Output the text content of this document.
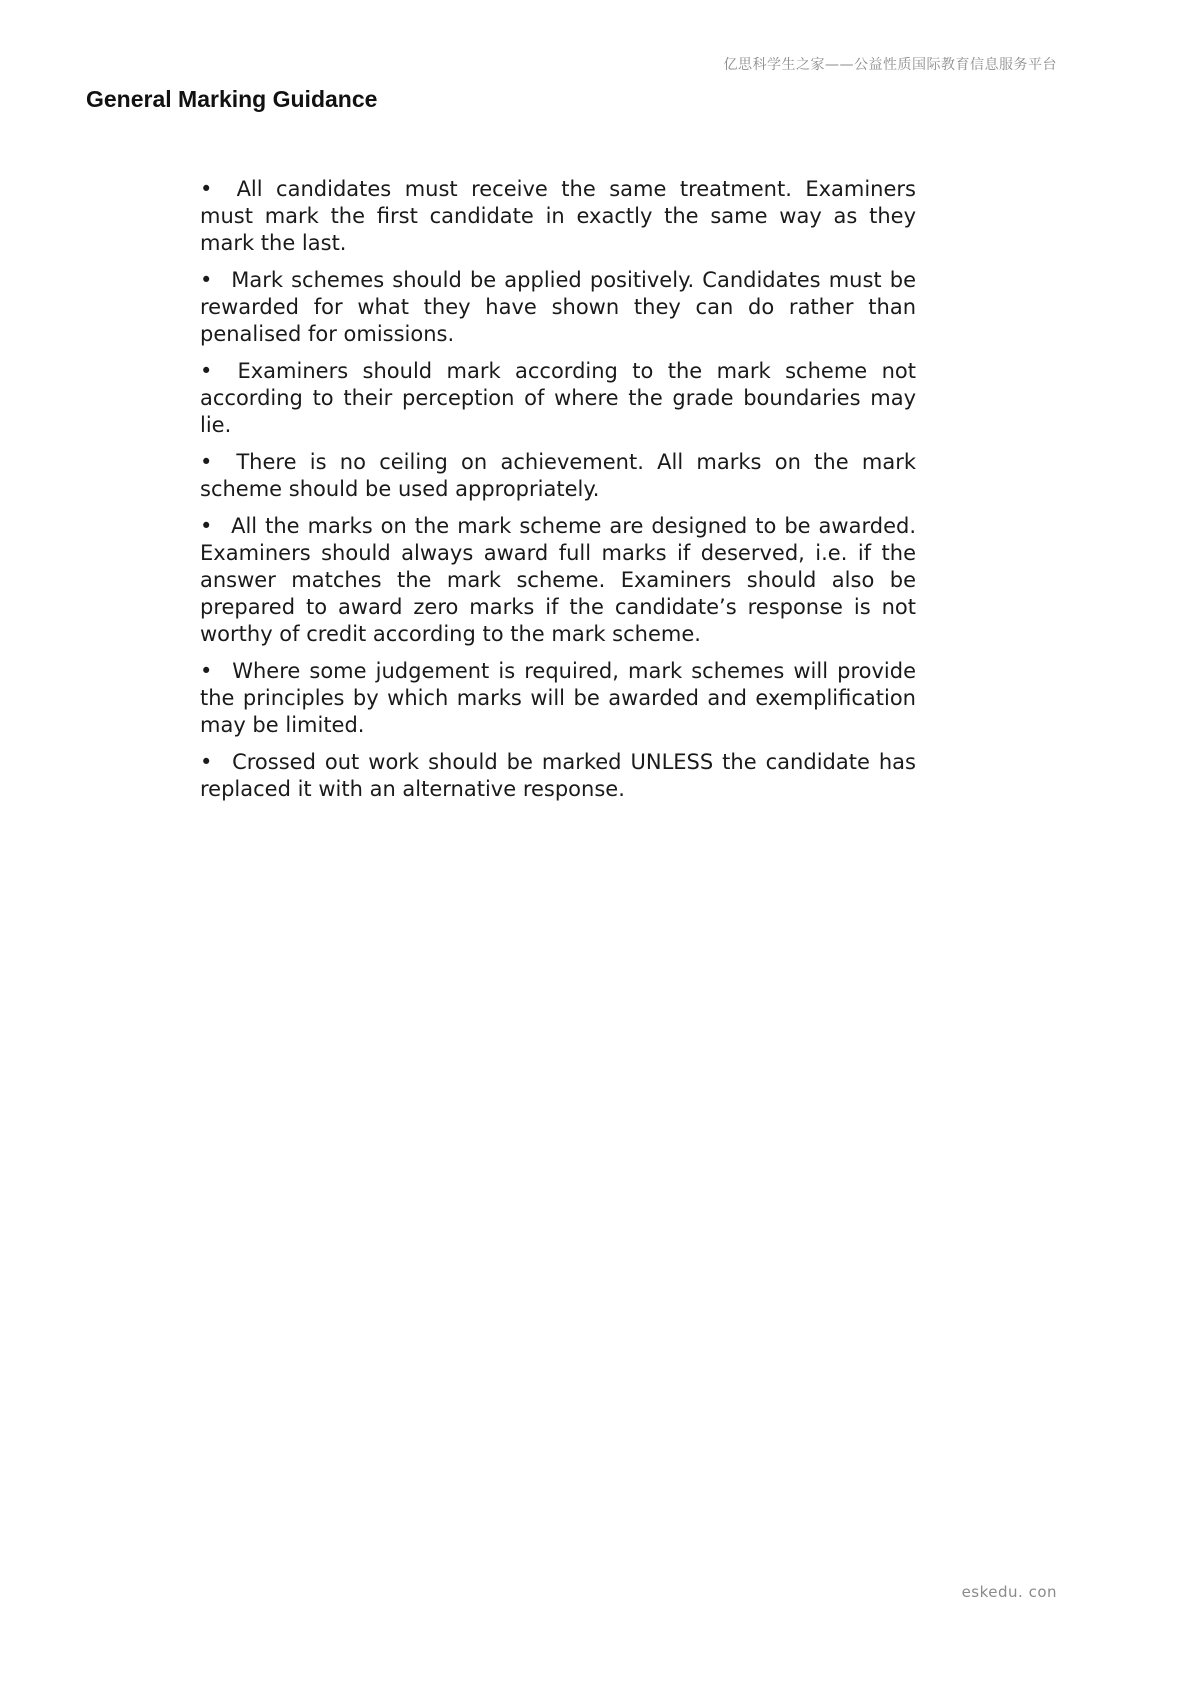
亿思科学生之家——公益性质国际教育信息服务平台
General Marking Guidance
• All candidates must receive the same treatment. Examiners must mark the first candidate in exactly the same way as they mark the last.
• Mark schemes should be applied positively. Candidates must be rewarded for what they have shown they can do rather than penalised for omissions.
• Examiners should mark according to the mark scheme not according to their perception of where the grade boundaries may lie.
• There is no ceiling on achievement. All marks on the mark scheme should be used appropriately.
• All the marks on the mark scheme are designed to be awarded. Examiners should always award full marks if deserved, i.e. if the answer matches the mark scheme. Examiners should also be prepared to award zero marks if the candidate’s response is not worthy of credit according to the mark scheme.
• Where some judgement is required, mark schemes will provide the principles by which marks will be awarded and exemplification may be limited.
• Crossed out work should be marked UNLESS the candidate has replaced it with an alternative response.
eskedu. con
